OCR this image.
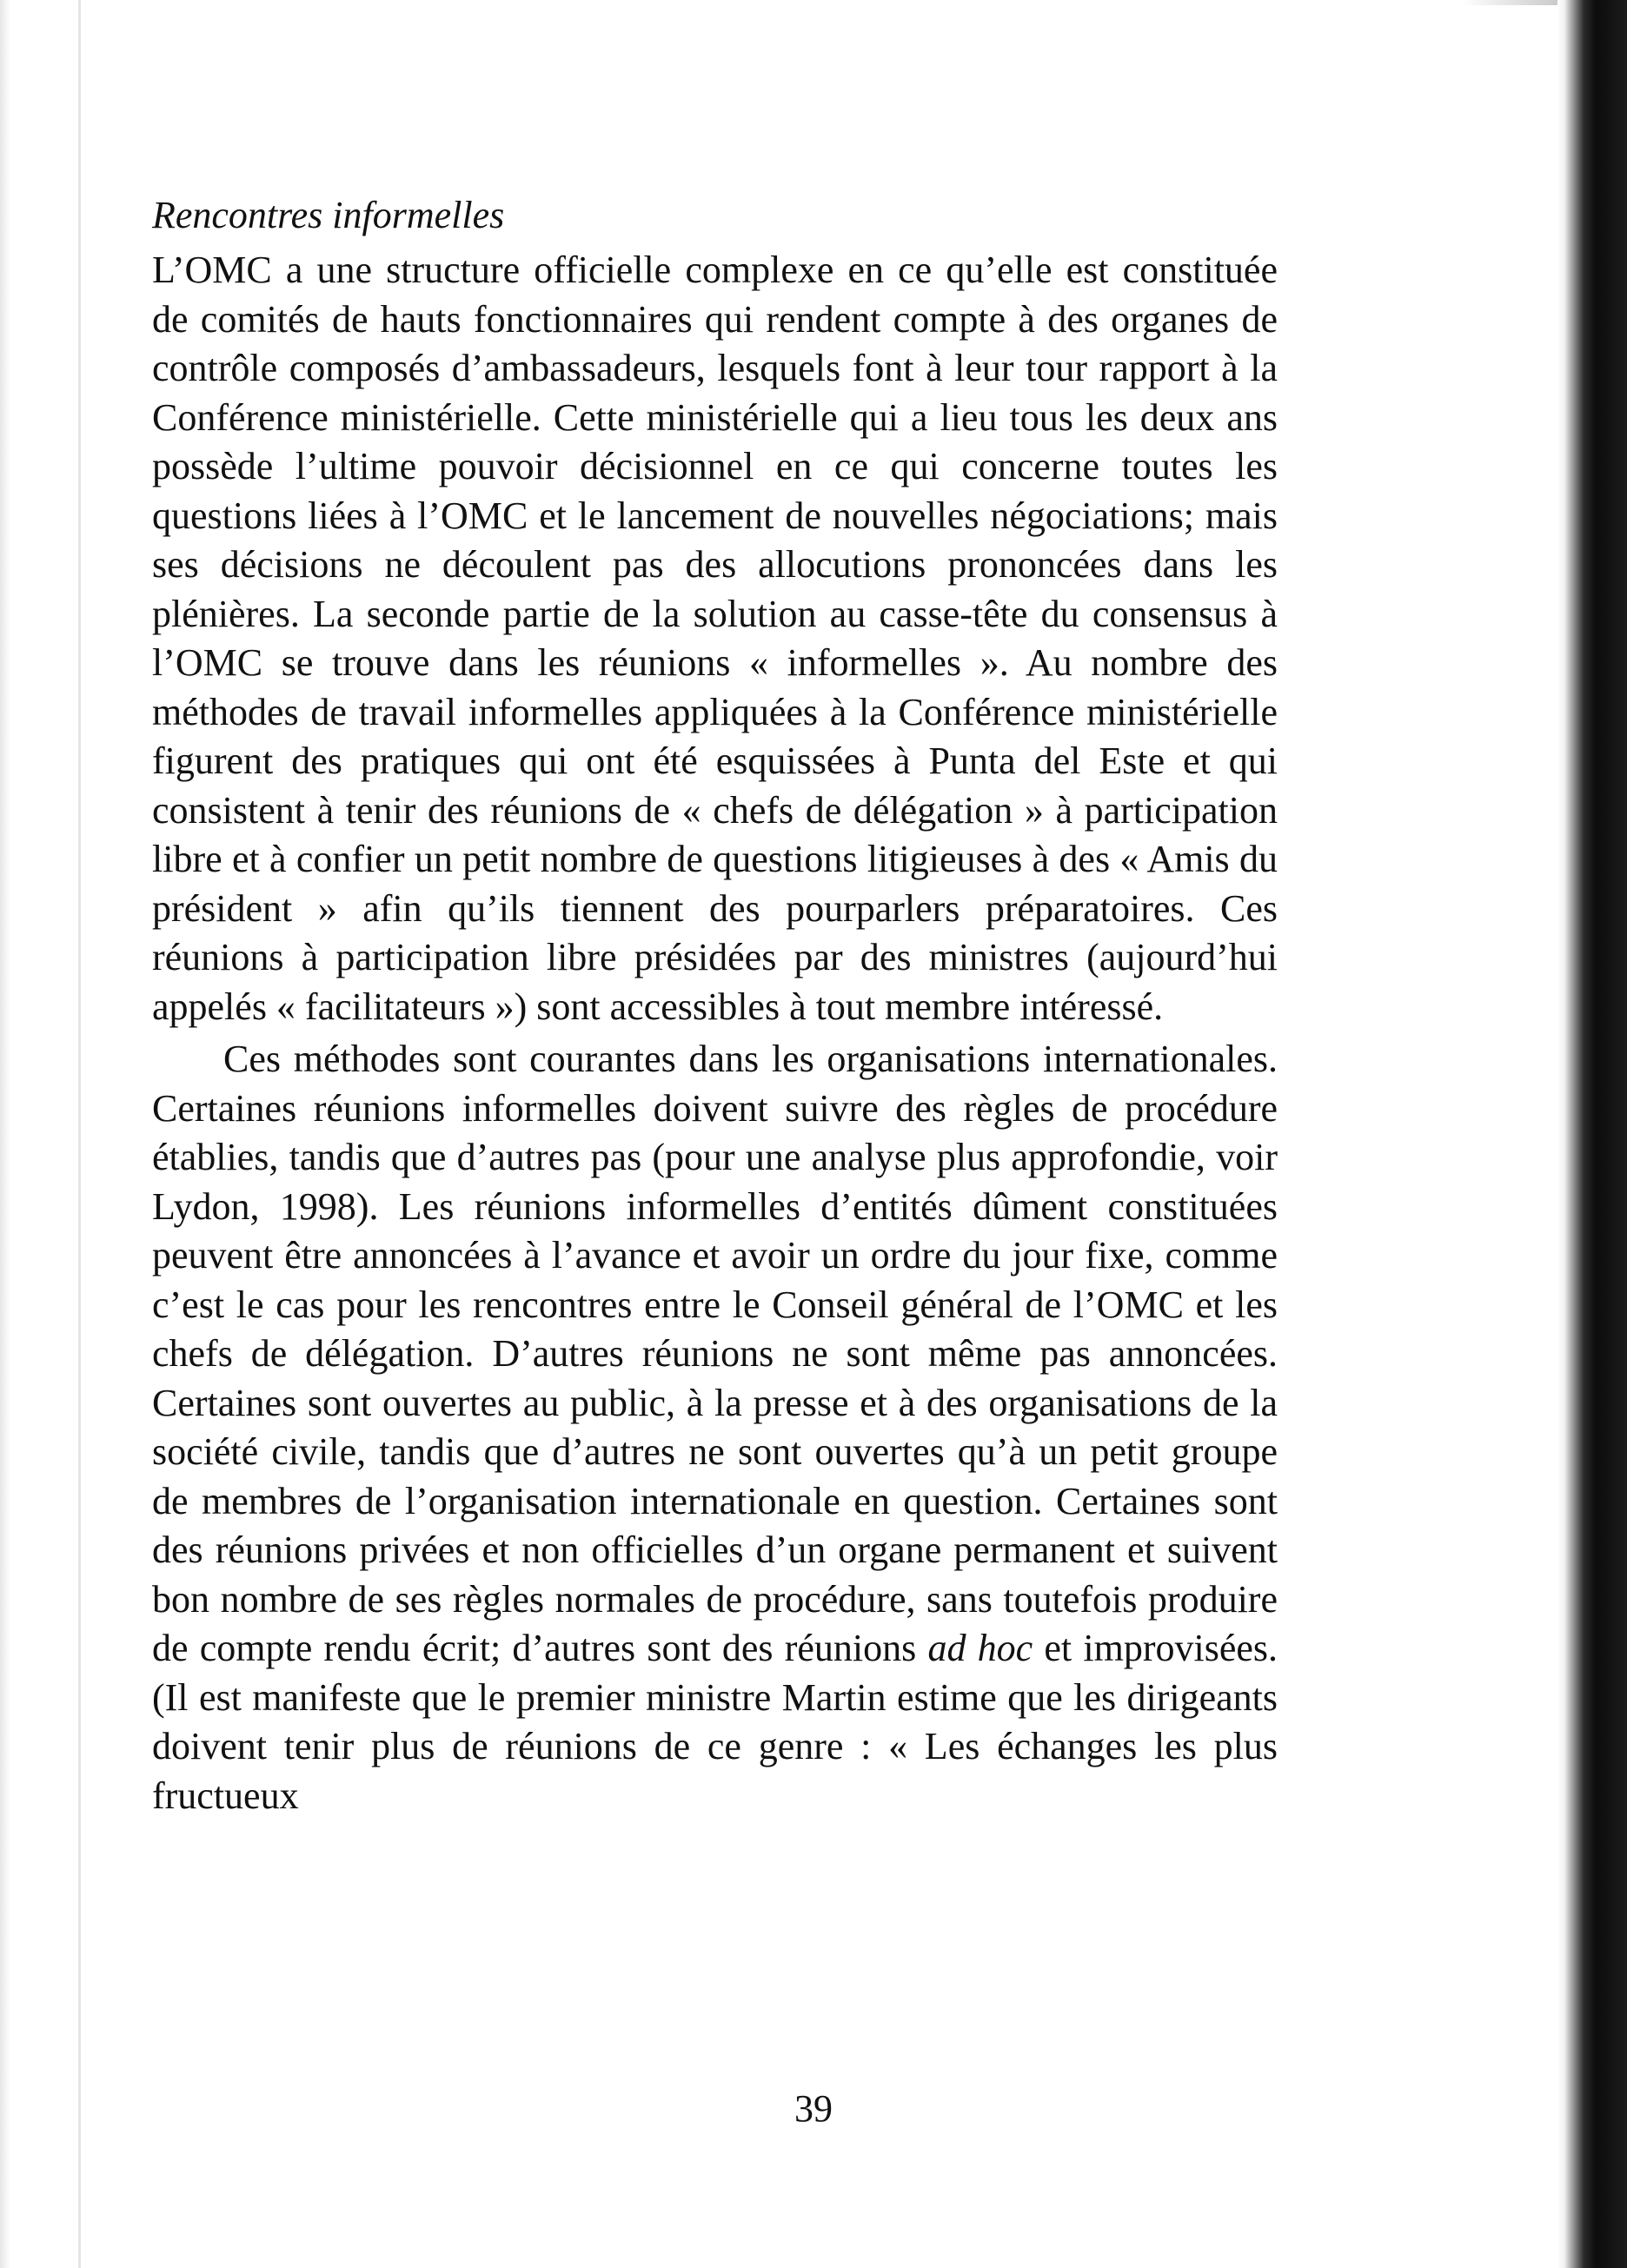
Rencontres informelles

L’OMC a une structure officielle complexe en ce qu’elle est constituée de comités de hauts fonctionnaires qui rendent compte à des organes de contrôle composés d’ambassadeurs, lesquels font à leur tour rapport à la Conférence ministérielle. Cette ministérielle qui a lieu tous les deux ans possède l’ultime pouvoir décisionnel en ce qui concerne toutes les questions liées à l’OMC et le lancement de nouvelles négociations; mais ses décisions ne découlent pas des allocutions prononcées dans les plénières. La seconde partie de la solution au casse-tête du consensus à l’OMC se trouve dans les réunions « informelles ». Au nombre des méthodes de travail informelles appliquées à la Conférence ministérielle figurent des pratiques qui ont été esquissées à Punta del Este et qui consistent à tenir des réunions de « chefs de délégation » à participation libre et à confier un petit nombre de questions litigieuses à des « Amis du président » afin qu’ils tiennent des pourparlers préparatoires. Ces réunions à participation libre présidées par des ministres (aujourd’hui appelés « facilitateurs ») sont accessibles à tout membre intéressé.

Ces méthodes sont courantes dans les organisations internationales. Certaines réunions informelles doivent suivre des règles de procédure établies, tandis que d’autres pas (pour une analyse plus approfondie, voir Lydon, 1998). Les réunions informelles d’entités dûment constituées peuvent être annoncées à l’avance et avoir un ordre du jour fixe, comme c’est le cas pour les rencontres entre le Conseil général de l’OMC et les chefs de délégation. D’autres réunions ne sont même pas annoncées. Certaines sont ouvertes au public, à la presse et à des organisations de la société civile, tandis que d’autres ne sont ouvertes qu’à un petit groupe de membres de l’organisation internationale en question. Certaines sont des réunions privées et non officielles d’un organe permanent et suivent bon nombre de ses règles normales de procédure, sans toutefois produire de compte rendu écrit; d’autres sont des réunions ad hoc et improvisées. (Il est manifeste que le premier ministre Martin estime que les dirigeants doivent tenir plus de réunions de ce genre : « Les échanges les plus fructueux

39
